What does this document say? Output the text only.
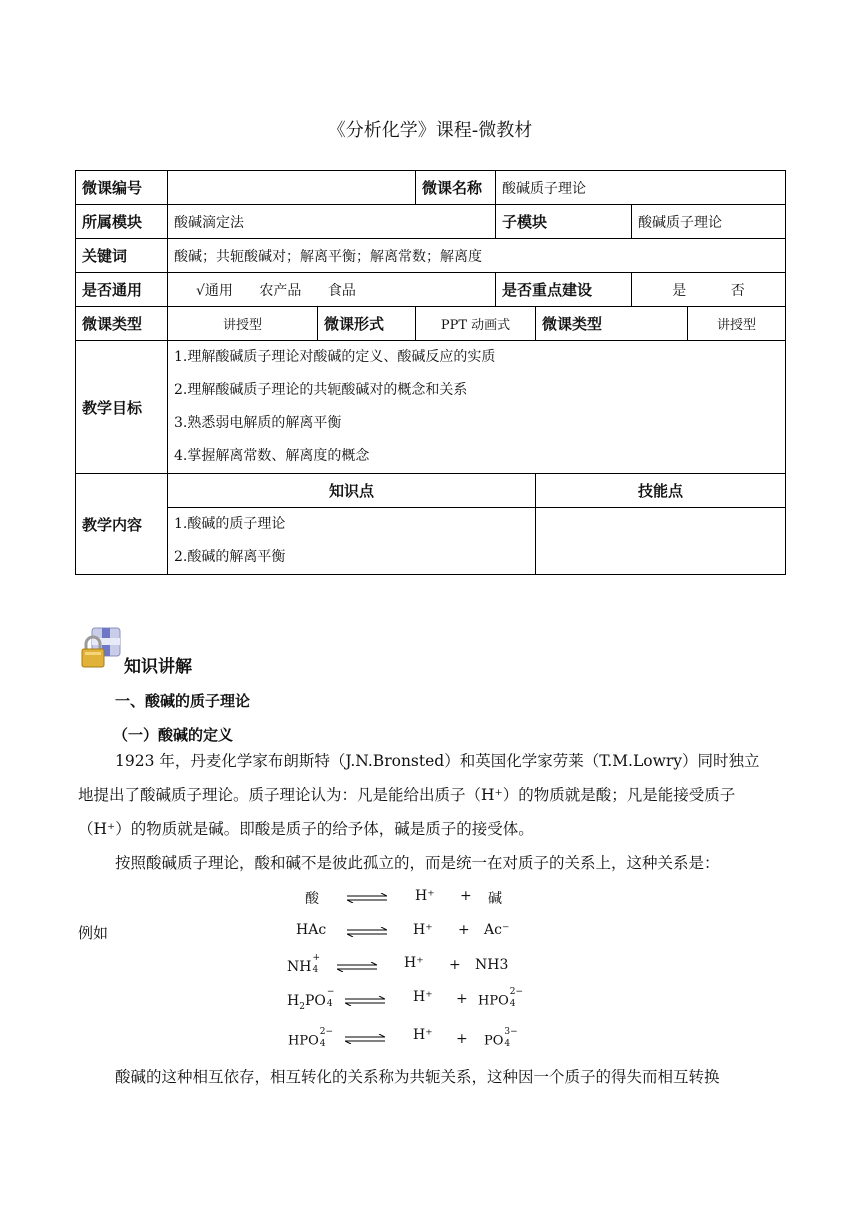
《分析化学》课程-微教材
微课编号			微课名称	酸碱质子理论			
所属模块	酸碱滴定法			子模块		酸碱质子理论	
关键词	酸碱；共轭酸碱对；解离平衡；解离常数；解离度						
是否通用	√通用 农产品 食品			是否重点建设		是 否	
微课类型	讲授型	微课形式	PPT 动画式		微课类型		讲授型
教学目标	1.理解酸碱质子理论对酸碱的定义、酸碱反应的实质
2.理解酸碱质子理论的共轭酸碱对的概念和关系
3.熟悉弱电解质的解离平衡
4.掌握解离常数、解离度的概念						

教学内容	知识点				技能点		

	1.酸碱的质子理论
2.酸碱的解离平衡						

知识讲解
一、酸碱的质子理论
（一）酸碱的定义
1923 年，丹麦化学家布朗斯特（J.N.Bronsted）和英国化学家劳莱（T.M.Lowry）同时独立
地提出了酸碱质子理论。质子理论认为：凡是能给出质子（H⁺）的物质就是酸；凡是能接受质子
（H⁺）的物质就是碱。即酸是质子的给予体，碱是质子的接受体。
按照酸碱质子理论，酸和碱不是彼此孤立的，而是统一在对质子的关系上，这种关系是：
酸	H⁺ + 碱
例如	HAc ⇌ H⁺ + Ac⁻
NH
+
4 ⇌ H⁺ + NH3
$H_2PO$
−
4 ⇌ H⁺ + HPO
2−
4
HPO
2−
4 ⇌ H⁺ + PO
3−
4
酸碱的这种相互依存，相互转化的关系称为共轭关系，这种因一个质子的得失而相互转换
